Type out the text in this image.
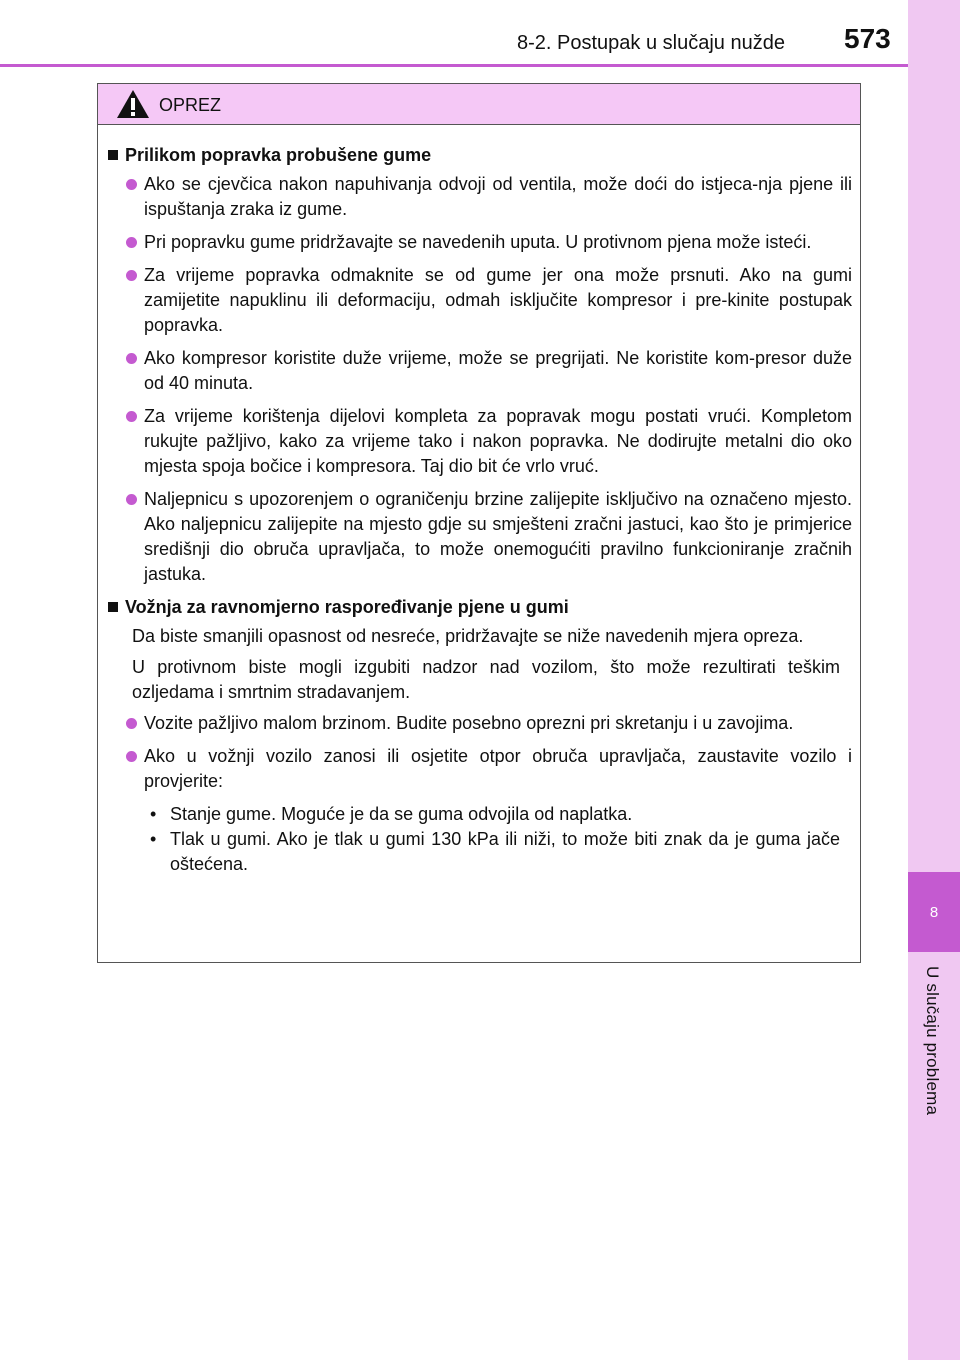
8
U slučaju problema
8-2. Postupak u slučaju nužde 573
OPREZ
Prilikom popravka probušene gume
Ako se cjevčica nakon napuhivanja odvoji od ventila, može doći do istjeca-nja pjene ili ispuštanja zraka iz gume.
Pri popravku gume pridržavajte se navedenih uputa. U protivnom pjena može isteći.
Za vrijeme popravka odmaknite se od gume jer ona može prsnuti. Ako na gumi zamijetite napuklinu ili deformaciju, odmah isključite kompresor i pre-kinite postupak popravka.
Ako kompresor koristite duže vrijeme, može se pregrijati. Ne koristite kom-presor duže od 40 minuta.
Za vrijeme korištenja dijelovi kompleta za popravak mogu postati vrući. Kompletom rukujte pažljivo, kako za vrijeme tako i nakon popravka. Ne dodirujte metalni dio oko mjesta spoja bočice i kompresora. Taj dio bit će vrlo vruć.
Naljepnicu s upozorenjem o ograničenju brzine zalijepite isključivo na označeno mjesto. Ako naljepnicu zalijepite na mjesto gdje su smješteni zračni jastuci, kao što je primjerice središnji dio obruča upravljača, to može onemogućiti pravilno funkcioniranje zračnih jastuka.
Vožnja za ravnomjerno raspoređivanje pjene u gumi
Da biste smanjili opasnost od nesreće, pridržavajte se niže navedenih mjera opreza.
U protivnom biste mogli izgubiti nadzor nad vozilom, što može rezultirati teškim ozljedama i smrtnim stradavanjem.
Vozite pažljivo malom brzinom. Budite posebno oprezni pri skretanju i u zavojima.
Ako u vožnji vozilo zanosi ili osjetite otpor obruča upravljača, zaustavite vozilo i provjerite:
• Stanje gume. Moguće je da se guma odvojila od naplatka.
• Tlak u gumi. Ako je tlak u gumi 130 kPa ili niži, to može biti znak da je guma jače oštećena.
